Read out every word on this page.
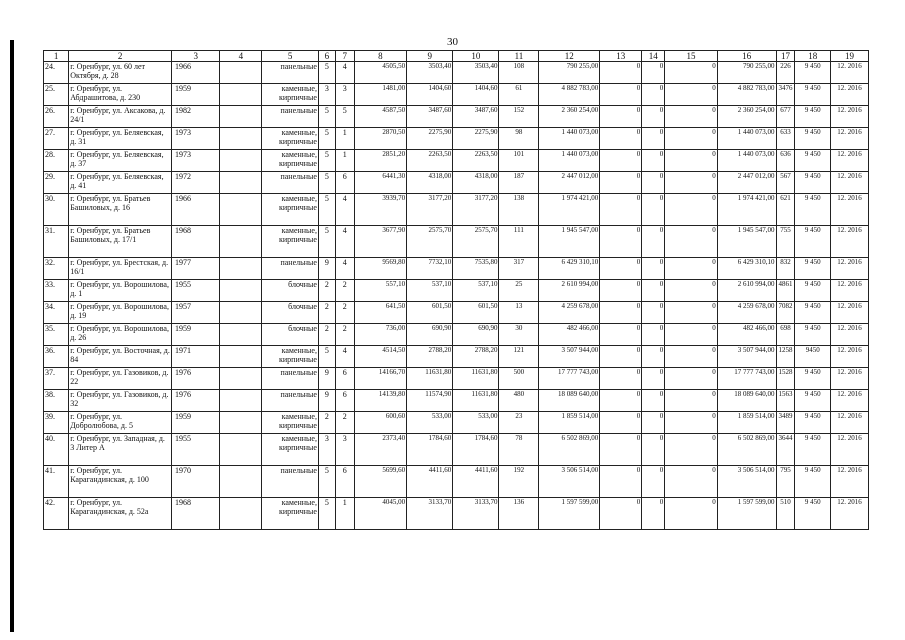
30
1	2	3	4	5	6	7	8	9	10	11	12	13	14	15	16	17	18	19
24.	г. Оренбург, ул. 60 лет Октября, д. 28	1966		панельные	5	4	4505,50	3503,40	3503,40	108	790 255,00	0	0	0	790 255,00	226	9 450	12. 2016
25.	г. Оренбург, ул. Абдрашитова, д. 230	1959		каменные, кирпичные	3	3	1481,00	1404,60	1404,60	61	4 882 783,00	0	0	0	4 882 783,00	3476	9 450	12. 2016
26.	г. Оренбург, ул. Аксакова, д. 24/1	1982		панельные	5	5	4587,50	3487,60	3487,60	152	2 360 254,00	0	0	0	2 360 254,00	677	9 450	12. 2016
27.	г. Оренбург, ул. Беляевская, д. 31	1973		каменные, кирпичные	5	1	2870,50	2275,90	2275,90	98	1 440 073,00	0	0	0	1 440 073,00	633	9 450	12. 2016
28.	г. Оренбург, ул. Беляевская, д. 37	1973		каменные, кирпичные	5	1	2851,20	2263,50	2263,50	101	1 440 073,00	0	0	0	1 440 073,00	636	9 450	12. 2016
29.	г. Оренбург, ул. Беляевская, д. 41	1972		панельные	5	6	6441,30	4318,00	4318,00	187	2 447 012,00	0	0	0	2 447 012,00	567	9 450	12. 2016
30.	г. Оренбург, ул. Братьев Башиловых, д. 16	1966		каменные, кирпичные	5	4	3939,70	3177,20	3177,20	138	1 974 421,00	0	0	0	1 974 421,00	621	9 450	12. 2016
31.	г. Оренбург, ул. Братьев Башиловых, д. 17/1	1968		каменные, кирпичные	5	4	3677,90	2575,70	2575,70	111	1 945 547,00	0	0	0	1 945 547,00	755	9 450	12. 2016
32.	г. Оренбург, ул. Брестская, д. 16/1	1977		панельные	9	4	9569,80	7732,10	7535,80	317	6 429 310,10	0	0	0	6 429 310,10	832	9 450	12. 2016
33.	г. Оренбург, ул. Ворошилова, д. 1	1955		блочные	2	2	557,10	537,10	537,10	25	2 610 994,00	0	0	0	2 610 994,00	4861	9 450	12. 2016
34.	г. Оренбург, ул. Ворошилова, д. 19	1957		блочные	2	2	641,50	601,50	601,50	13	4 259 678,00	0	0	0	4 259 678,00	7082	9 450	12. 2016
35.	г. Оренбург, ул. Ворошилова, д. 26	1959		блочные	2	2	736,00	690,90	690,90	30	482 466,00	0	0	0	482 466,00	698	9 450	12. 2016
36.	г. Оренбург, ул. Восточная, д. 84	1971		каменные, кирпичные	5	4	4514,50	2788,20	2788,20	121	3 507 944,00	0	0	0	3 507 944,00	1258	9450	12. 2016
37.	г. Оренбург, ул. Газовиков, д. 22	1976		панельные	9	6	14166,70	11631,80	11631,80	500	17 777 743,00	0	0	0	17 777 743,00	1528	9 450	12. 2016
38.	г. Оренбург, ул. Газовиков, д. 32	1976		панельные	9	6	14139,80	11574,90	11631,80	480	18 089 640,00	0	0	0	18 089 640,00	1563	9 450	12. 2016
39.	г. Оренбург, ул. Добролюбова, д. 5	1959		каменные, кирпичные	2	2	600,60	533,00	533,00	23	1 859 514,00	0	0	0	1 859 514,00	3489	9 450	12. 2016
40.	г. Оренбург, ул. Западная, д. 3 Литер А	1955		каменные, кирпичные	3	3	2373,40	1784,60	1784,60	78	6 502 869,00	0	0	0	6 502 869,00	3644	9 450	12. 2016
41.	г. Оренбург, ул. Карагандинская, д. 100	1970		панельные	5	6	5699,60	4411,60	4411,60	192	3 506 514,00	0	0	0	3 506 514,00	795	9 450	12. 2016
42.	г. Оренбург, ул. Карагандинская, д. 52а	1968		каменные, кирпичные	5	1	4045,00	3133,70	3133,70	136	1 597 599,00	0	0	0	1 597 599,00	510	9 450	12. 2016
